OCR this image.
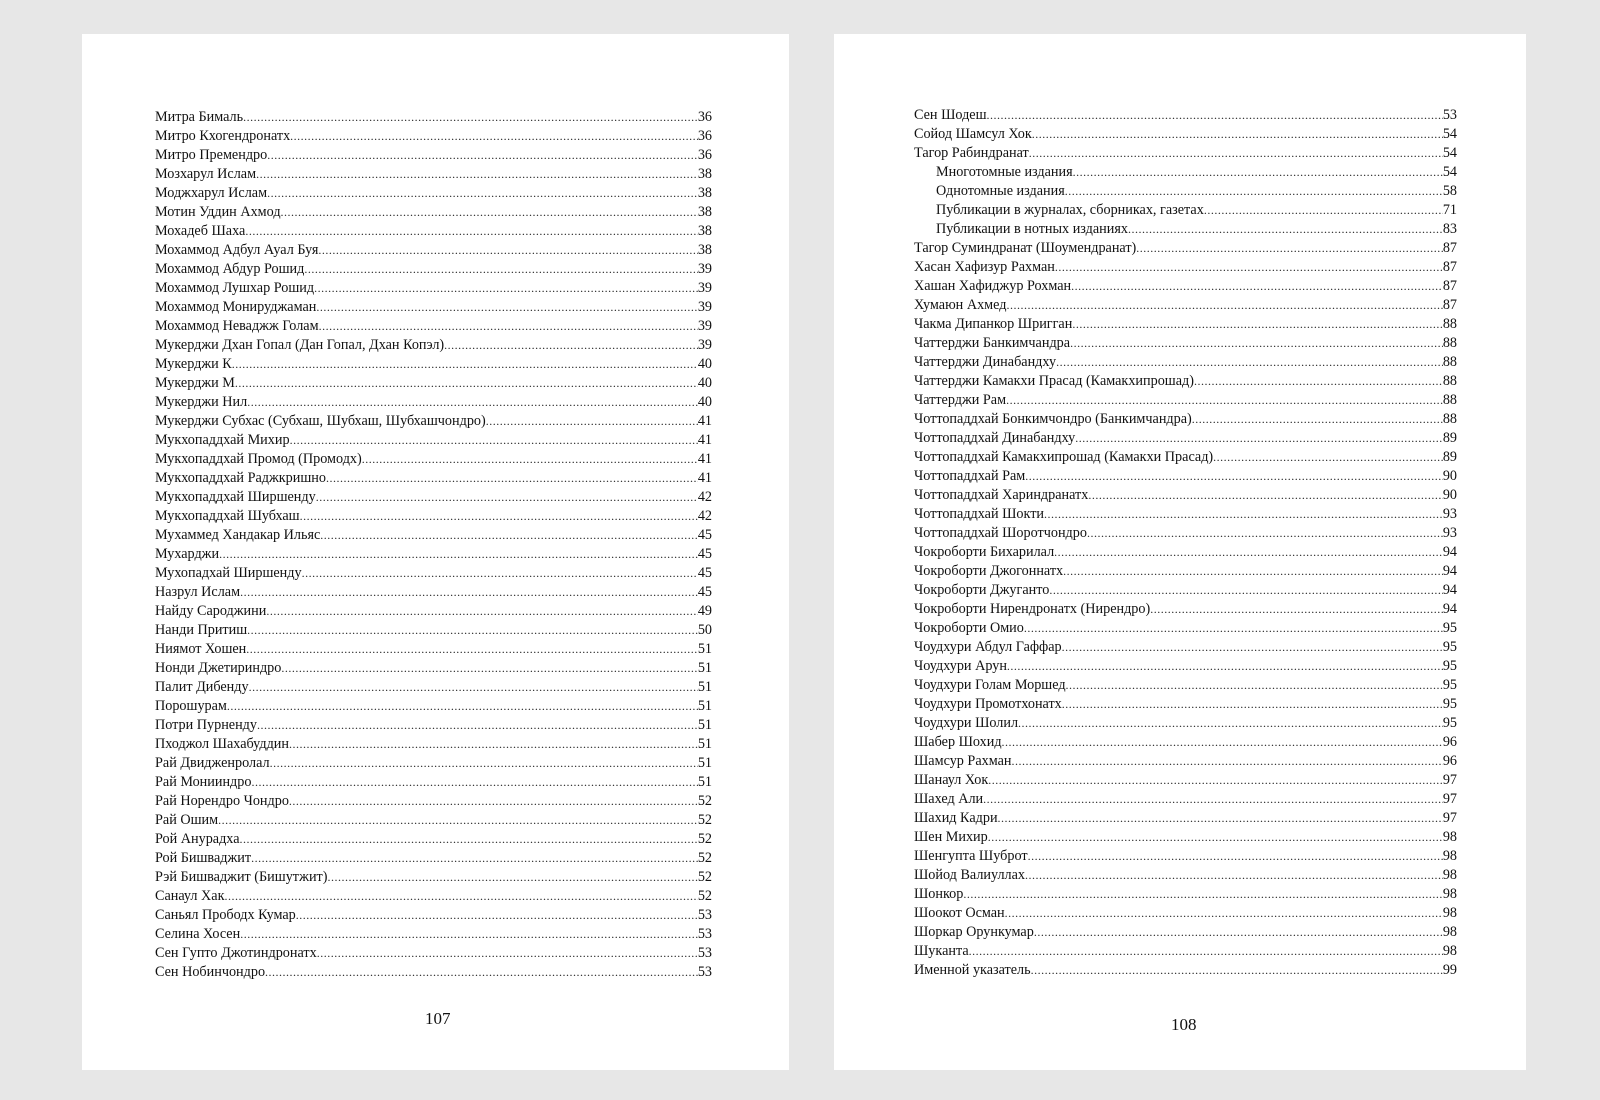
Митра Бималь .....	36
Митро Кхогендронатх .....	36
Митро Премендро .....	36
Мозхарул Ислам .....	38
Моджхарул Ислам .....	38
Мотин Уддин Ахмод .....	38
Мохадеб Шаха .....	38
Мохаммод Адбул Ауал Буя .....	38
Мохаммод Абдур Рошид .....	39
Мохаммод Лушхар Рошид .....	39
Мохаммод Монируджаман .....	39
Мохаммод Неваджж Голам .....	39
Мукерджи Дхан Гопал (Дан Гопал, Дхан Копэл) .....	39
Мукерджи К .....	40
Мукерджи М .....	40
Мукерджи Нил .....	40
Мукерджи Субхас (Субхаш, Шубхаш, Шубхашчондро) .....	41
Мукхопаддхай Михир .....	41
Мукхопаддхай Промод (Промодх) .....	41
Мукхопаддхай Раджкришно .....	41
Мукхопаддхай Ширшенду .....	42
Мукхопаддхай Шубхаш .....	42
Мухаммед Хандакар Ильяс .....	45
Мухарджи .....	45
Мухопадхай Ширшенду .....	45
Назрул Ислам .....	45
Найду Сароджини .....	49
Нанди Притиш .....	50
Ниямот Хошен .....	51
Нонди Джетириндро .....	51
Палит Дибенду .....	51
Порошурам .....	51
Потри Пурненду .....	51
Пходжол Шахабуддин .....	51
Рай Двидженролал .....	51
Рай Монииндро .....	51
Рай Норендро Чондро .....	52
Рай Ошим .....	52
Рой Анурадха .....	52
Рой Бишваджит .....	52
Рэй Бишваджит (Бишутжит) .....	52
Санаул Хак .....	52
Саньял Прободх Кумар .....	53
Селина Хосен .....	53
Сен Гупто Джотиндронатх .....	53
Сен Нобинчондро .....	53
107
Сен Шодеш .....	53
Сойод Шамсул Хок .....	54
Тагор Рабиндранат .....	54
Многотомные издания .....	54
Однотомные издания .....	58
Публикации в журналах, сборниках, газетах .....	71
Публикации в нотных изданиях .....	83
Тагор Суминдранат (Шоумендранат) .....	87
Хасан Хафизур Рахман .....	87
Хашан Хафиджур Рохман .....	87
Хумаюн Ахмед .....	87
Чакма Дипанкор Шригган .....	88
Чаттерджи Банкимчандра .....	88
Чаттерджи Динабандху .....	88
Чаттерджи Камакхи Прасад (Камакхипрошад) .....	88
Чаттерджи Рам .....	88
Чоттопаддхай Бонкимчондро (Банкимчандра) .....	88
Чоттопаддхай Динабандху .....	89
Чоттопаддхай Камакхипрошад (Камакхи Прасад) .....	89
Чоттопаддхай Рам .....	90
Чоттопаддхай Хариндранатх .....	90
Чоттопаддхай Шокти .....	93
Чоттопаддхай Шоротчондро .....	93
Чокроборти Бихарилал .....	94
Чокроборти Джогоннатх .....	94
Чокроборти Джуганто .....	94
Чокроборти Нирендронатх (Нирендро) .....	94
Чокроборти Омио .....	95
Чоудхури Абдул Гаффар .....	95
Чоудхури Арун .....	95
Чоудхури Голам Моршед .....	95
Чоудхури Промотхонатх .....	95
Чоудхури Шолил .....	95
Шабер Шохид .....	96
Шамсур Рахман .....	96
Шанаул Хок .....	97
Шахед Али .....	97
Шахид Кадри .....	97
Шен Михир .....	98
Шенгупта Шуброт .....	98
Шойод Валиуллах .....	98
Шонкор .....	98
Шоокот Осман .....	98
Шоркар Орункумар .....	98
Шуканта .....	98
Именной указатель .....	99
108
